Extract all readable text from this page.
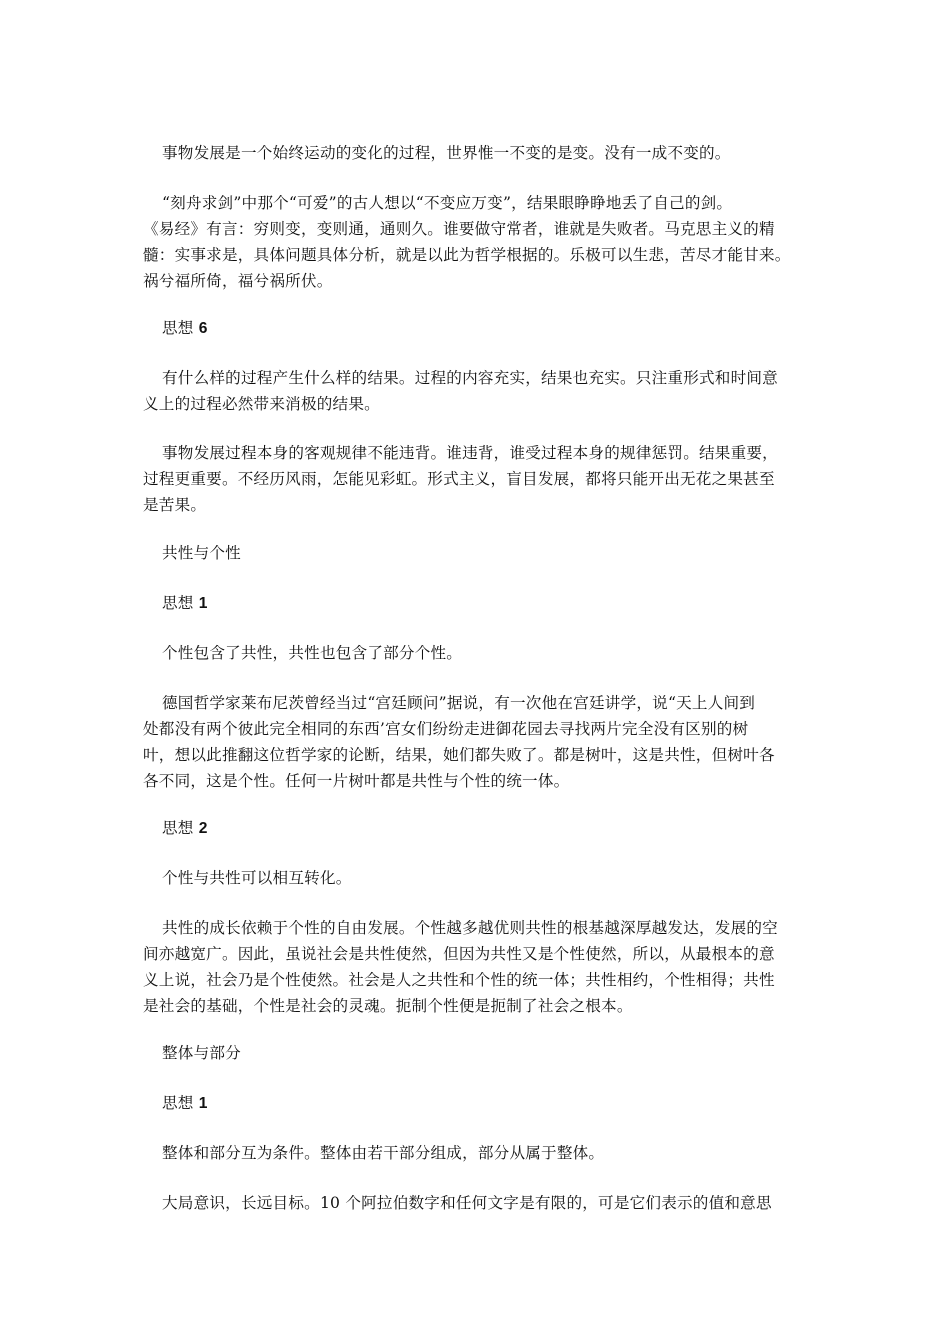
事物发展是一个始终运动的变化的过程，世界惟一不变的是变。没有一成不变的。
“刻舟求剑”中那个“可爱”的古人想以“不变应万变”，结果眼睁睁地丢了自己的剑。
《易经》有言：穷则变，变则通，通则久。谁要做守常者，谁就是失败者。马克思主义的精
髓：实事求是，具体问题具体分析，就是以此为哲学根据的。乐极可以生悲，苦尽才能甘来。
祸兮福所倚，福兮祸所伏。
思想 6
有什么样的过程产生什么样的结果。过程的内容充实，结果也充实。只注重形式和时间意
义上的过程必然带来消极的结果。
事物发展过程本身的客观规律不能违背。谁违背，谁受过程本身的规律惩罚。结果重要，
过程更重要。不经历风雨，怎能见彩虹。形式主义，盲目发展，都将只能开出无花之果甚至
是苦果。
共性与个性
思想 1
个性包含了共性，共性也包含了部分个性。
德国哲学家莱布尼茨曾经当过“宫廷顾问”据说，有一次他在宫廷讲学，说“天上人间到
处都没有两个彼此完全相同的东西’宫女们纷纷走进御花园去寻找两片完全没有区别的树
叶，想以此推翻这位哲学家的论断，结果，她们都失败了。都是树叶，这是共性，但树叶各
各不同，这是个性。任何一片树叶都是共性与个性的统一体。
思想 2
个性与共性可以相互转化。
共性的成长依赖于个性的自由发展。个性越多越优则共性的根基越深厚越发达，发展的空
间亦越宽广。因此，虽说社会是共性使然，但因为共性又是个性使然，所以，从最根本的意
义上说，社会乃是个性使然。社会是人之共性和个性的统一体；共性相约，个性相得；共性
是社会的基础，个性是社会的灵魂。扼制个性便是扼制了社会之根本。
整体与部分
思想 1
整体和部分互为条件。整体由若干部分组成，部分从属于整体。
大局意识，长远目标。10 个阿拉伯数字和任何文字是有限的，可是它们表示的值和意思
